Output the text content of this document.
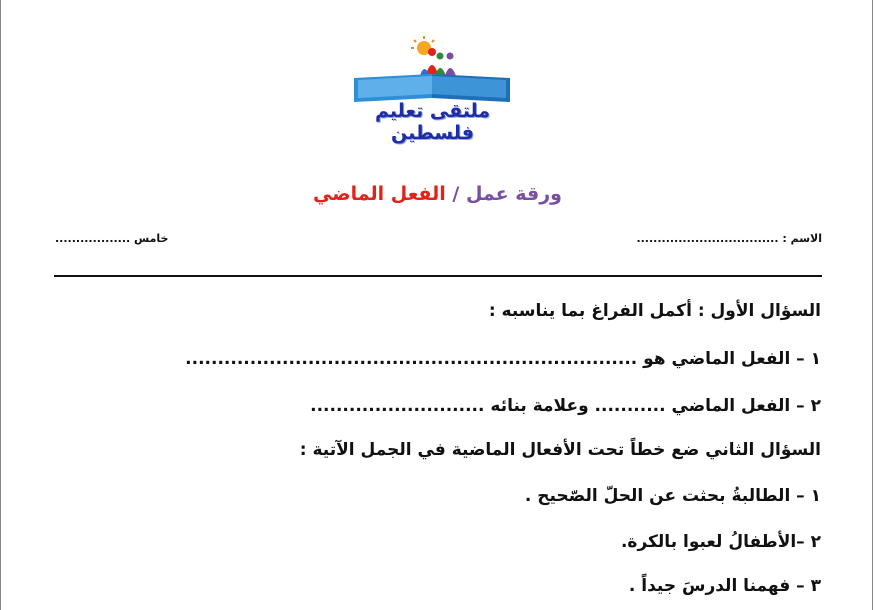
ملتقى تعليم فلسطين
ورقة عمل / الفعل الماضي
الاسم : ..................................
خامس ..................
السؤال الأول : أكمل الفراغ بما يناسبه :
١ – الفعل الماضي هو ......................................................................
٢ – الفعل الماضي ........... وعلامة بنائه ...........................
السؤال الثاني ضع خطاً تحت الأفعال الماضية في الجمل الآتية :
١ – الطالبةُ بحثت عن الحلّ الصّحيح .
٢ –الأطفالُ لعبوا بالكرة.
٣ – فهمنا الدرسَ جيداً .
